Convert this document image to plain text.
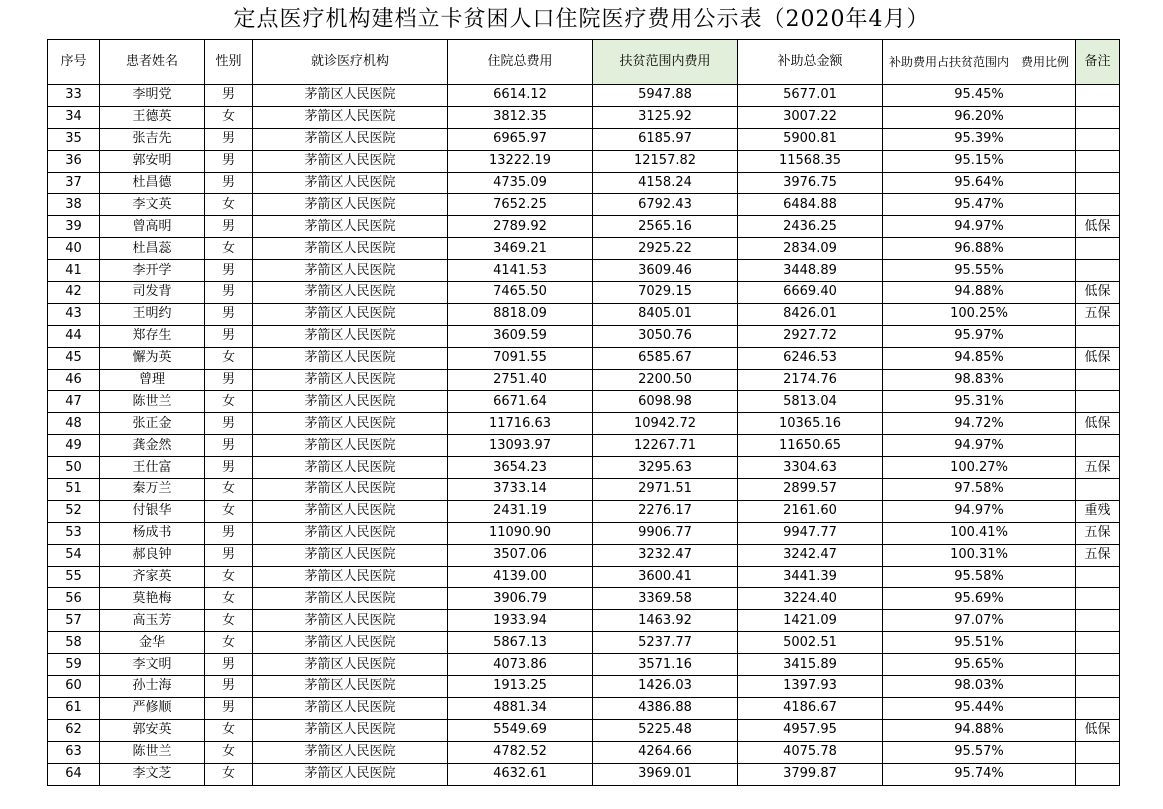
定点医疗机构建档立卡贫困人口住院医疗费用公示表（2020年4月）
序号	患者姓名	性别	就诊医疗机构	住院总费用	扶贫范围内费用	补助总金额	补助费用占扶贫范围内　费用比例	备注
33	李明党	男	茅箭区人民医院	6614.12	5947.88	5677.01	95.45%	
34	王德英	女	茅箭区人民医院	3812.35	3125.92	3007.22	96.20%	
35	张吉先	男	茅箭区人民医院	6965.97	6185.97	5900.81	95.39%	
36	郭安明	男	茅箭区人民医院	13222.19	12157.82	11568.35	95.15%	
37	杜昌德	男	茅箭区人民医院	4735.09	4158.24	3976.75	95.64%	
38	李文英	女	茅箭区人民医院	7652.25	6792.43	6484.88	95.47%	
39	曾高明	男	茅箭区人民医院	2789.92	2565.16	2436.25	94.97%	低保
40	杜昌蕊	女	茅箭区人民医院	3469.21	2925.22	2834.09	96.88%	
41	李开学	男	茅箭区人民医院	4141.53	3609.46	3448.89	95.55%	
42	司发背	男	茅箭区人民医院	7465.50	7029.15	6669.40	94.88%	低保
43	王明约	男	茅箭区人民医院	8818.09	8405.01	8426.01	100.25%	五保
44	郑存生	男	茅箭区人民医院	3609.59	3050.76	2927.72	95.97%	
45	懈为英	女	茅箭区人民医院	7091.55	6585.67	6246.53	94.85%	低保
46	曾理	男	茅箭区人民医院	2751.40	2200.50	2174.76	98.83%	
47	陈世兰	女	茅箭区人民医院	6671.64	6098.98	5813.04	95.31%	
48	张正金	男	茅箭区人民医院	11716.63	10942.72	10365.16	94.72%	低保
49	龚金然	男	茅箭区人民医院	13093.97	12267.71	11650.65	94.97%	
50	王仕富	男	茅箭区人民医院	3654.23	3295.63	3304.63	100.27%	五保
51	秦万兰	女	茅箭区人民医院	3733.14	2971.51	2899.57	97.58%	
52	付银华	女	茅箭区人民医院	2431.19	2276.17	2161.60	94.97%	重残
53	杨成书	男	茅箭区人民医院	11090.90	9906.77	9947.77	100.41%	五保
54	郝良钟	男	茅箭区人民医院	3507.06	3232.47	3242.47	100.31%	五保
55	齐家英	女	茅箭区人民医院	4139.00	3600.41	3441.39	95.58%	
56	莫艳梅	女	茅箭区人民医院	3906.79	3369.58	3224.40	95.69%	
57	高玉芳	女	茅箭区人民医院	1933.94	1463.92	1421.09	97.07%	
58	金华	女	茅箭区人民医院	5867.13	5237.77	5002.51	95.51%	
59	李文明	男	茅箭区人民医院	4073.86	3571.16	3415.89	95.65%	
60	孙士海	男	茅箭区人民医院	1913.25	1426.03	1397.93	98.03%	
61	严修顺	男	茅箭区人民医院	4881.34	4386.88	4186.67	95.44%	
62	郭安英	女	茅箭区人民医院	5549.69	5225.48	4957.95	94.88%	低保
63	陈世兰	女	茅箭区人民医院	4782.52	4264.66	4075.78	95.57%	
64	李文芝	女	茅箭区人民医院	4632.61	3969.01	3799.87	95.74%	
